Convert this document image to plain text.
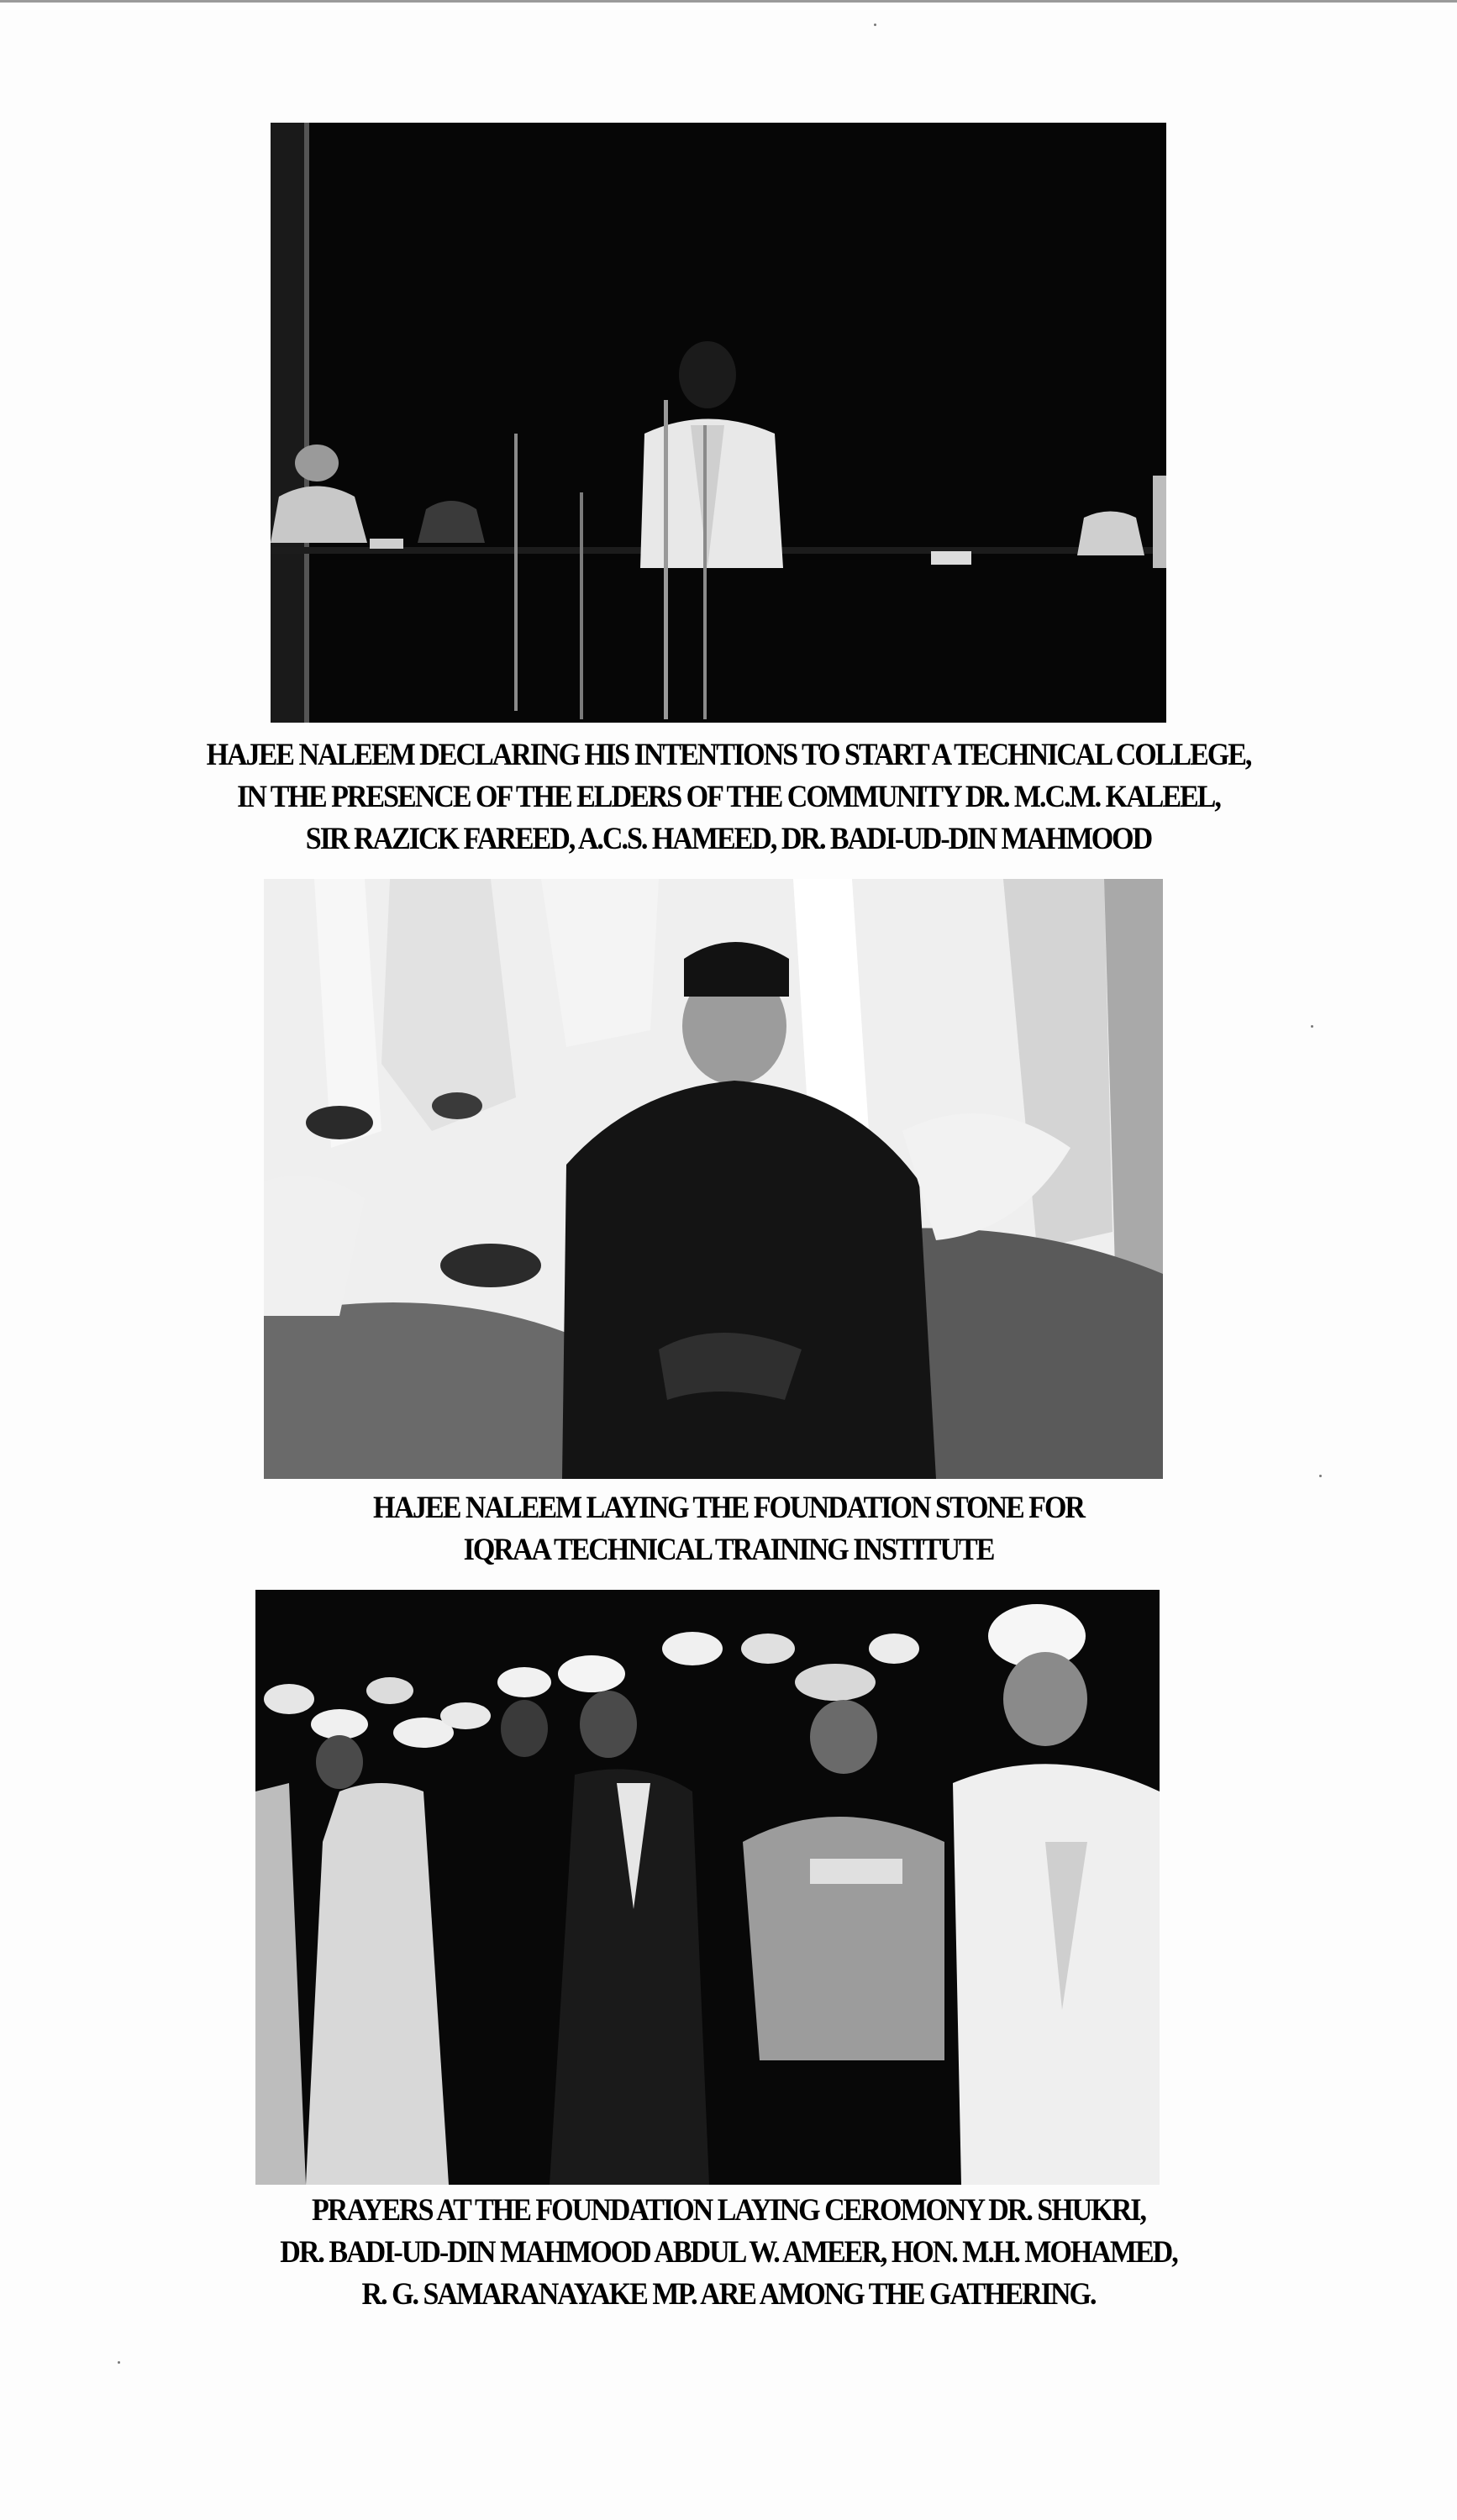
HAJEE NALEEM DECLARING HIS INTENTIONS TO START A TECHNICAL COLLEGE,
IN THE PRESENCE OF THE ELDERS OF THE COMMUNITY DR. M.C.M. KALEEL,
SIR RAZICK FAREED, A.C.S. HAMEED, DR. BADI-UD-DIN MAHMOOD
HAJEE NALEEM LAYING THE FOUNDATION STONE FOR
IQRAA TECHNICAL TRAINING INSTITUTE
PRAYERS AT THE FOUNDATION LAYING CEROMONY DR. SHUKRI,
DR. BADI-UD-DIN MAHMOOD ABDUL W. AMEER, HON. M.H. MOHAMED,
R. G. SAMARANAYAKE MP. ARE AMONG THE GATHERING.
